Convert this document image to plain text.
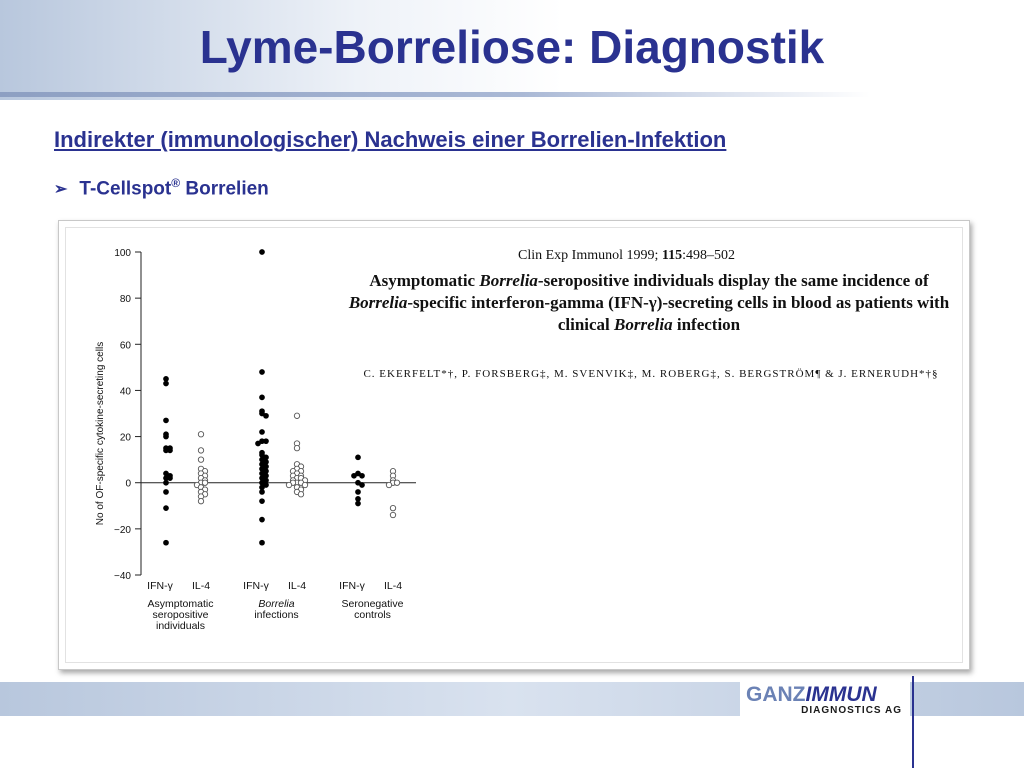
Lyme-Borreliose: Diagnostik
Indirekter (immunologischer) Nachweis einer Borrelien-Infektion
➢ T-Cellspot® Borrelien
100
80
60
40
20
0
−20
−40
No of OF-specific cytokine-secreting cells
IFN-γ IL-4
Asymptomatic
seropositive
individuals
IFN-γ IL-4
Borrelia
infections
IFN-γ IL-4
Seronegative
controls
Clin Exp Immunol 1999; 115:498–502
Asymptomatic Borrelia-seropositive individuals display the same incidence of
Borrelia-specific interferon-gamma (IFN-γ)-secreting cells in blood as patients with
clinical Borrelia infection
C. EKERFELT*†, P. FORSBERG‡, M. SVENVIK‡, M. ROBERG‡, S. BERGSTRÖM¶ & J. ERNERUDH*†§
GANZIMMUN
DIAGNOSTICS AG
